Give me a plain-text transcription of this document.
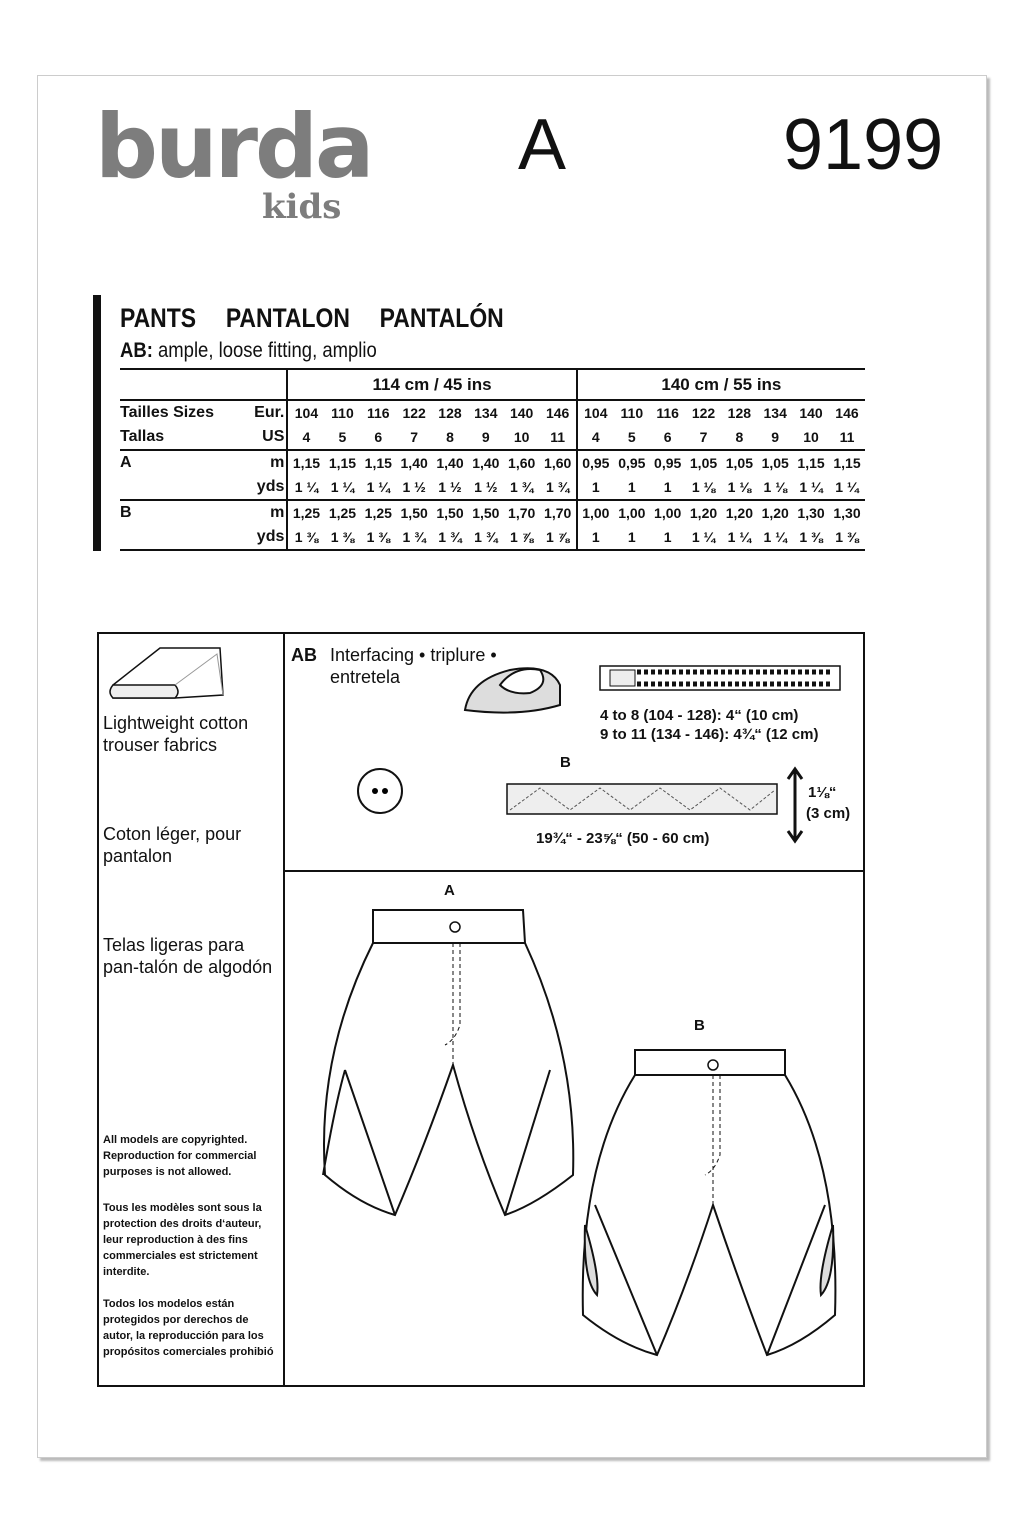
burda
kids
A	9199
PANTS  PANTALON  PANTALÓN
AB: ample, loose fitting, amplio
		114 cm / 45 ins								140 cm / 55 ins							
Tailles Sizes	Eur.	104	110	116	122	128	134	140	146	104	110	116	122	128	134	140	146
Tallas	US	4	5	6	7	8	9	10	11	4	5	6	7	8	9	10	11
A	m	1,15	1,15	1,15	1,40	1,40	1,40	1,60	1,60	0,95	0,95	0,95	1,05	1,05	1,05	1,15	1,15
	yds	1 ¼	1 ¼	1 ¼	1 ½	1 ½	1 ½	1 ¾	1 ¾	1	1	1	1 ⅛	1 ⅛	1 ⅛	1 ¼	1 ¼
B	m	1,25	1,25	1,25	1,50	1,50	1,50	1,70	1,70	1,00	1,00	1,00	1,20	1,20	1,20	1,30	1,30
	yds	1 ⅜	1 ⅜	1 ⅜	1 ¾	1 ¾	1 ¾	1 ⅞	1 ⅞	1	1	1	1 ¼	1 ¼	1 ¼	1 ⅜	1 ⅜
Lightweight cotton trouser fabrics
Coton léger, pour pantalon
Telas ligeras para pan-talón de algodón
All models are copyrighted. Reproduction for commercial purposes is not allowed.
Tous les modèles sont sous la protection des droits d‘auteur, leur reproduction à des fins commerciales est strictement interdite.
Todos los modelos están protegidos por derechos de autor, la reproducción para los propósitos comerciales prohibió
AB Interfacing • triplure •
entretela
4 to 8 (104 - 128): 4“ (10 cm)
9 to 11 (134 - 146): 4¾“ (12 cm)
B
1⅛“
(3 cm)
19¾“ - 23⅝“ (50 - 60 cm)
A
B
